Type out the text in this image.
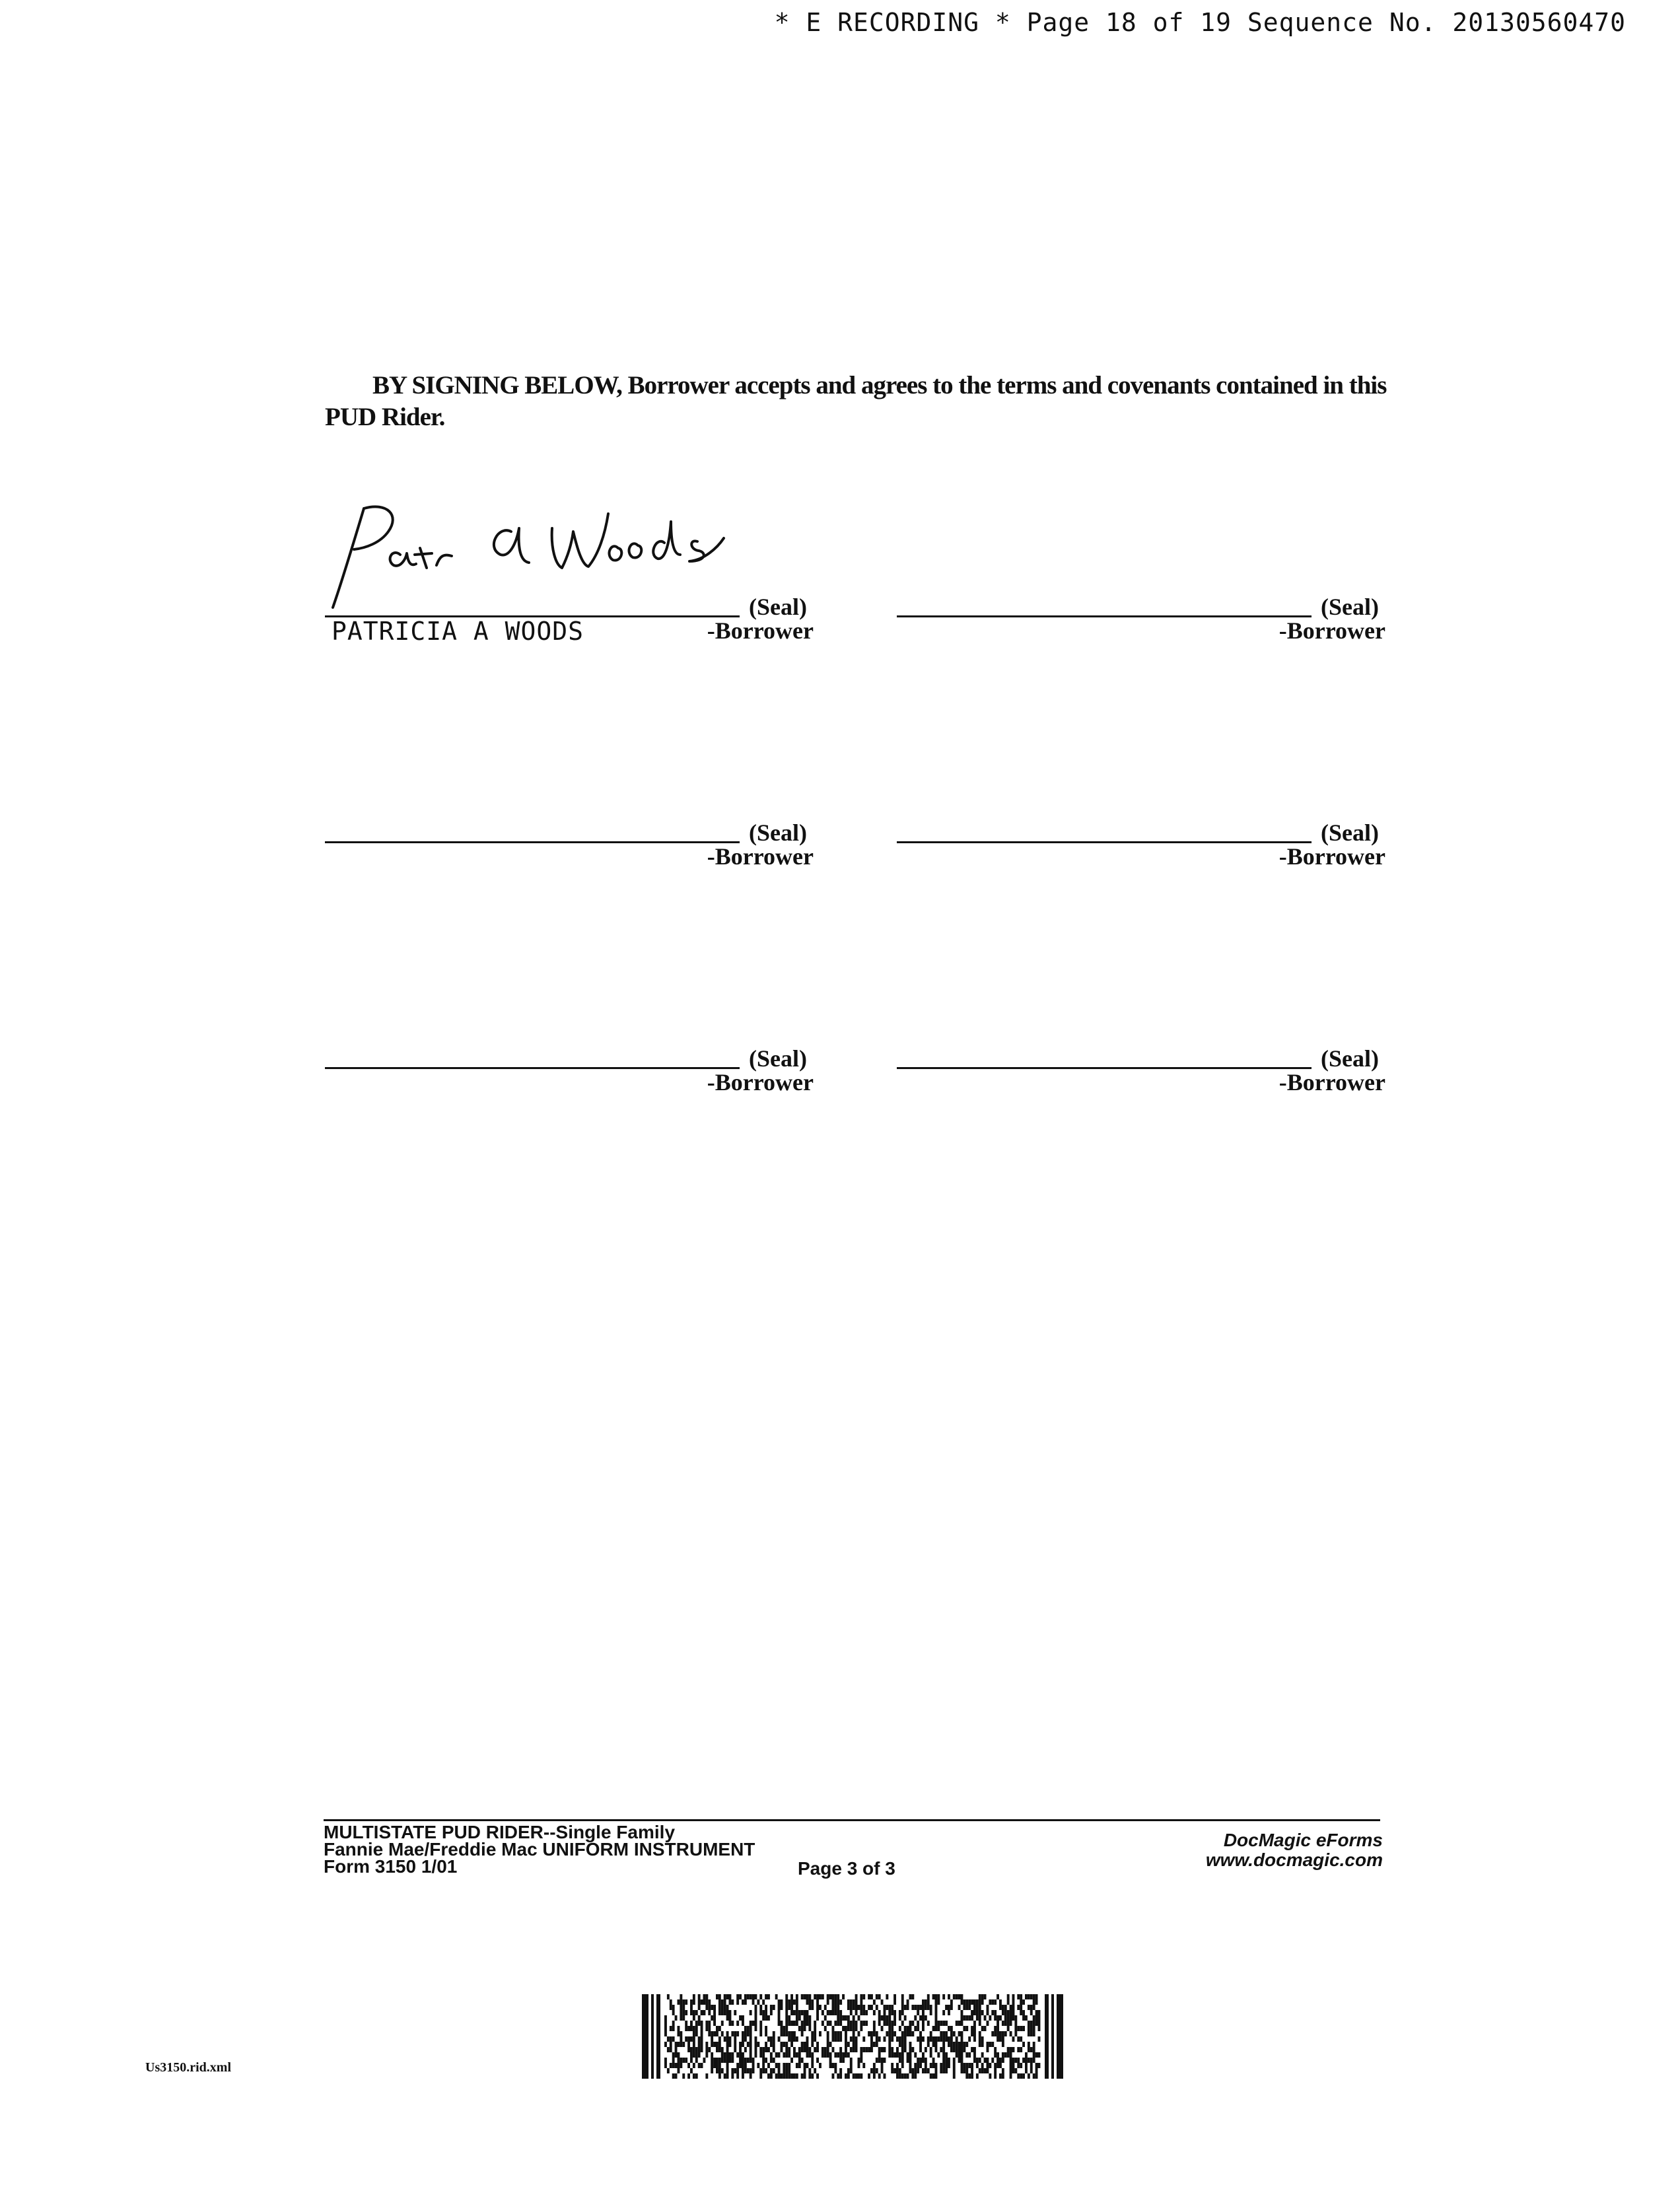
* E RECORDING * Page 18 of 19 Sequence No. 20130560470
BY SIGNING BELOW, Borrower accepts and agrees to the terms and covenants contained in this PUD Rider.
(Seal)
PATRICIA A WOODS	-Borrower
(Seal)
-Borrower
(Seal)
-Borrower
(Seal)
-Borrower
(Seal)
-Borrower
(Seal)
-Borrower
MULTISTATE PUD RIDER--Single Family
Fannie Mae/Freddie Mac UNIFORM INSTRUMENT
Form 3150 1/01	Page 3 of 3
DocMagic eForms
www.docmagic.com
Us3150.rid.xml
